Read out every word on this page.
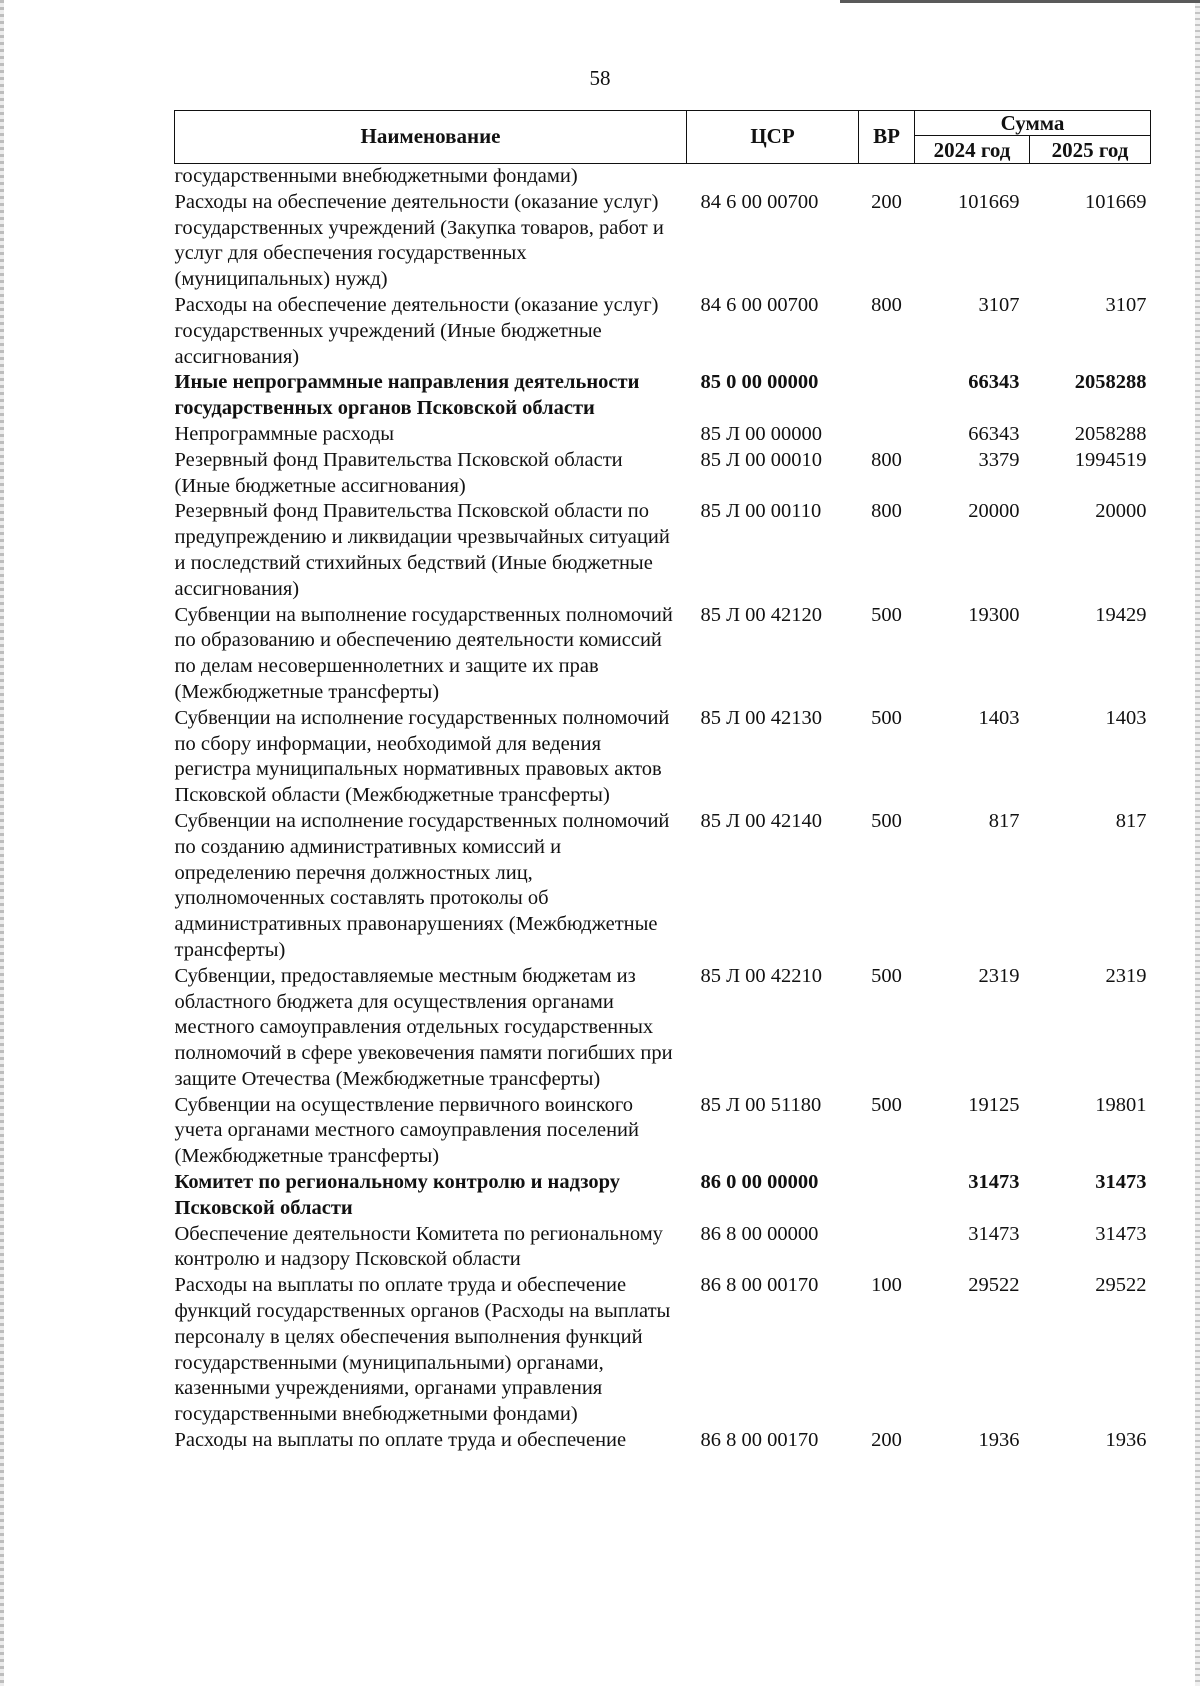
58
Наименование	ЦСР	ВР	Сумма	
			2024 год	2025 год
государственными внебюджетными фондами)				
Расходы на обеспечение деятельности (оказание услуг) государственных учреждений (Закупка товаров, работ и услуг для обеспечения государственных (муниципальных) нужд)	84 6 00 00700	200	101669	101669
Расходы на обеспечение деятельности (оказание услуг) государственных учреждений (Иные бюджетные ассигнования)	84 6 00 00700	800	3107	3107
Иные непрограммные направления деятельности государственных органов Псковской области	85 0 00 00000		66343	2058288
Непрограммные расходы	85 Л 00 00000		66343	2058288
Резервный фонд Правительства Псковской области (Иные бюджетные ассигнования)	85 Л 00 00010	800	3379	1994519
Резервный фонд Правительства Псковской области по предупреждению и ликвидации чрезвычайных ситуаций и последствий стихийных бедствий (Иные бюджетные ассигнования)	85 Л 00 00110	800	20000	20000
Субвенции на выполнение государственных полномочий по образованию и обеспечению деятельности комиссий по делам несовершеннолетних и защите их прав (Межбюджетные трансферты)	85 Л 00 42120	500	19300	19429
Субвенции на исполнение государственных полномочий по сбору информации, необходимой для ведения регистра муниципальных нормативных правовых актов Псковской области (Межбюджетные трансферты)	85 Л 00 42130	500	1403	1403
Субвенции на исполнение государственных полномочий по созданию административных комиссий и определению перечня должностных лиц, уполномоченных составлять протоколы об административных правонарушениях (Межбюджетные трансферты)	85 Л 00 42140	500	817	817
Субвенции, предоставляемые местным бюджетам из областного бюджета для осуществления органами местного самоуправления отдельных государственных полномочий в сфере увековечения памяти погибших при защите Отечества (Межбюджетные трансферты)	85 Л 00 42210	500	2319	2319
Субвенции на осуществление первичного воинского учета органами местного самоуправления поселений (Межбюджетные трансферты)	85 Л 00 51180	500	19125	19801
Комитет по региональному контролю и надзору Псковской области	86 0 00 00000		31473	31473
Обеспечение деятельности Комитета по региональному контролю и надзору Псковской области	86 8 00 00000		31473	31473
Расходы на выплаты по оплате труда и обеспечение функций государственных органов (Расходы на выплаты персоналу в целях обеспечения выполнения функций государственными (муниципальными) органами, казенными учреждениями, органами управления государственными внебюджетными фондами)	86 8 00 00170	100	29522	29522
Расходы на выплаты по оплате труда и обеспечение	86 8 00 00170	200	1936	1936
